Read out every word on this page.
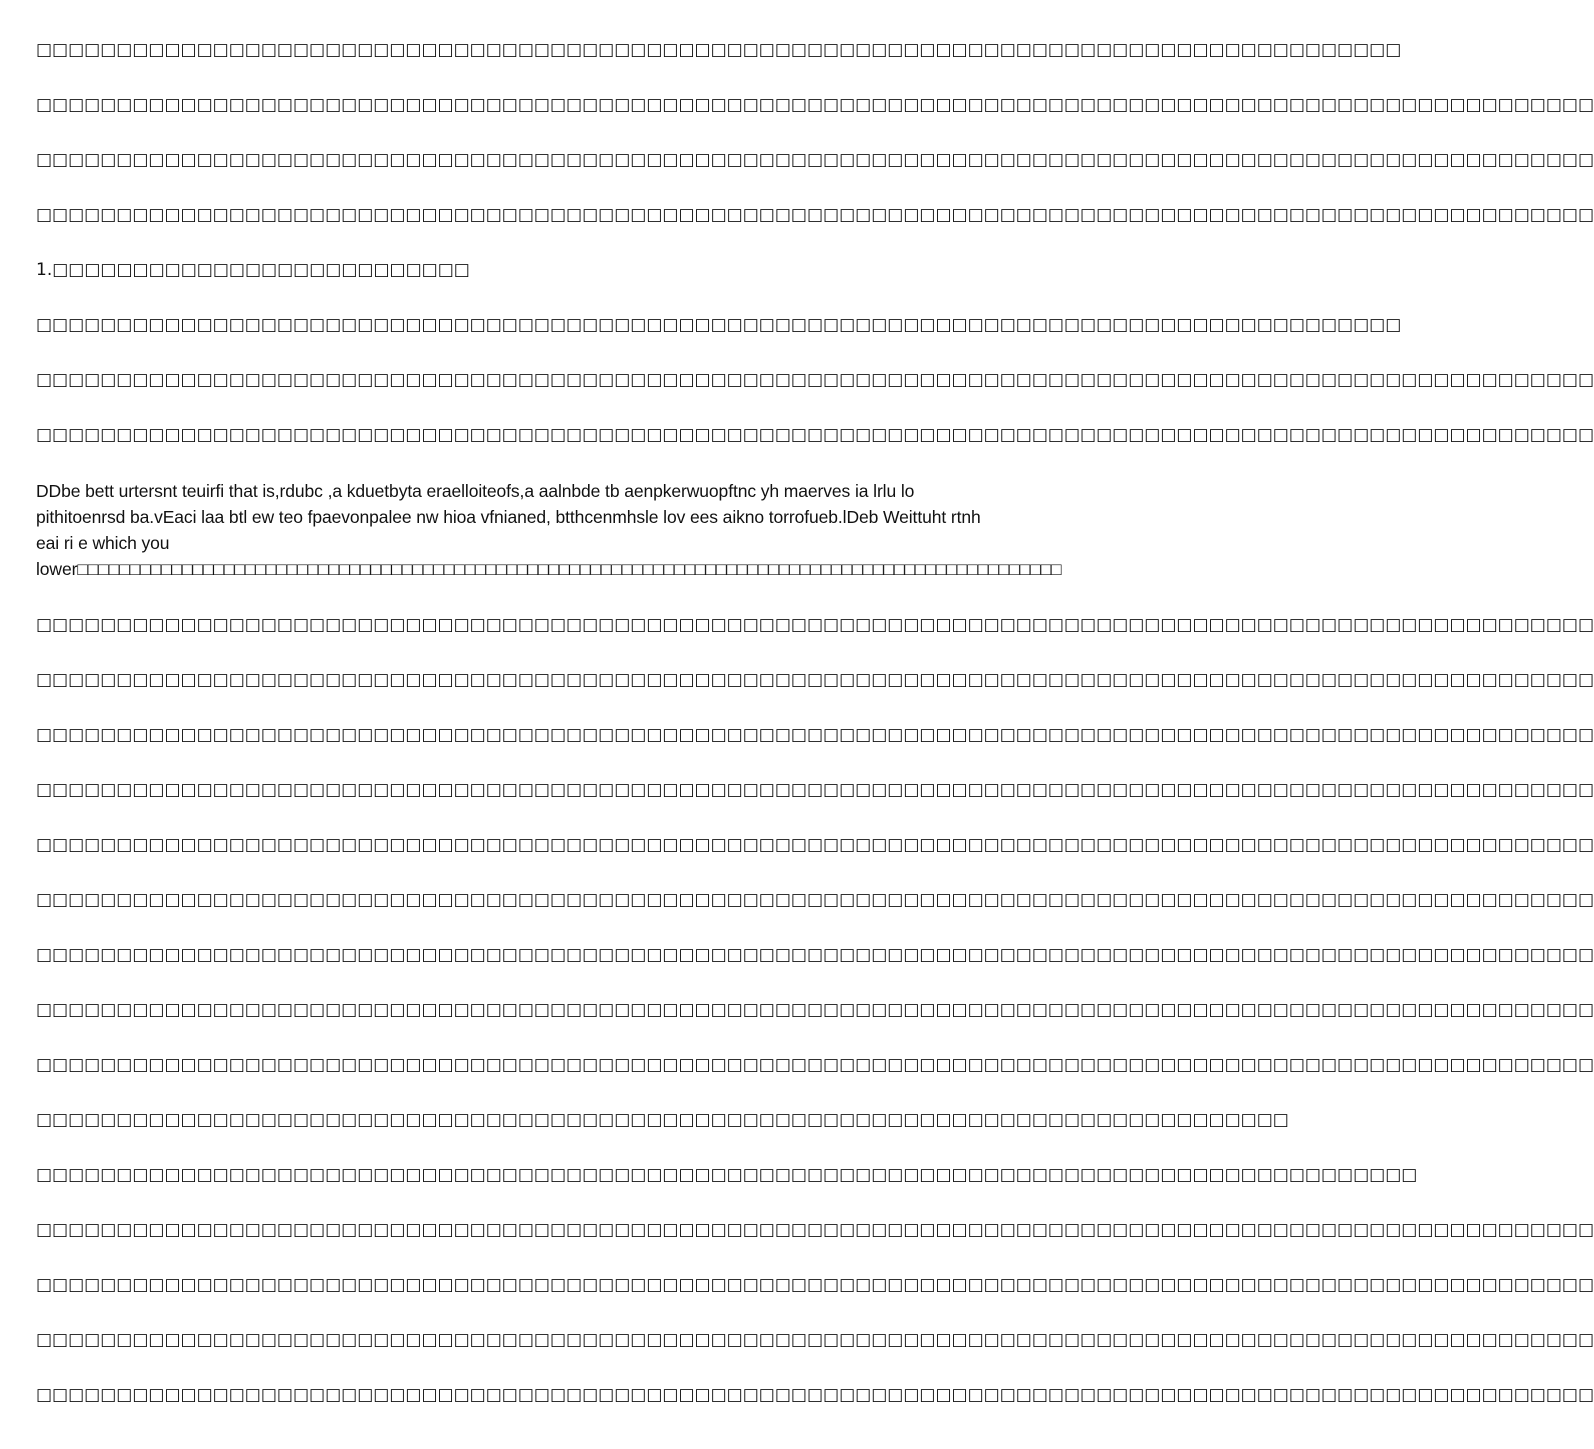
□□□□□□□□□□□□□□□□□□□□□□□□□□□□□□□□□□□□□□□□□□□□□□□□□□□□□□□□□□□□□□□□□□□□□□□□□□□□□□□□□□□□□

□□□□□□□□□□□□□□□□□□□□□□□□□□□□□□□□□□□□□□□□□□□□□□□□□□□□□□□□□□□□□□□□□□□□□□□□□□□□□□□□□□□□□□□□□□□□□□□□□

□□□□□□□□□□□□□□□□□□□□□□□□□□□□□□□□□□□□□□□□□□□□□□□□□□□□□□□□□□□□□□□□□□□□□□□□□□□□□□□□□□□□□□□□□□□□□□□□□

□□□□□□□□□□□□□□□□□□□□□□□□□□□□□□□□□□□□□□□□□□□□□□□□□□□□□□□□□□□□□□□□□□□□□□□□□□□□□□□□□□□□□□□□□□□□□□□□□

1.□□□□□□□□□□□□□□□□□□□□□□□□□□

□□□□□□□□□□□□□□□□□□□□□□□□□□□□□□□□□□□□□□□□□□□□□□□□□□□□□□□□□□□□□□□□□□□□□□□□□□□□□□□□□□□□□

□□□□□□□□□□□□□□□□□□□□□□□□□□□□□□□□□□□□□□□□□□□□□□□□□□□□□□□□□□□□□□□□□□□□□□□□□□□□□□□□□□□□□□□□□□□□□□□□□

□□□□□□□□□□□□□□□□□□□□□□□□□□□□□□□□□□□□□□□□□□□□□□□□□□□□□□□□□□□□□□□□□□□□□□□□□□□□□□□□□□□□□□□□□□□□□□□□□

DDbe bett urtersnt teuirfi that is,rdubc ,a kduetbyta eraelloiteofs,a aalnbde tb aenpkerwuopftnc yh maerves ia lrlu lo pithitoenrsd ba.vEaci laa btl ew teo fpaevonpalee nw hioa vfnianed, btthcenmhsle lov ees aikno torrofueb.lDeb Weittuht rtnh eai ri e which you
lower□□□□□□□□□□□□□□□□□□□□□□□□□□□□□□□□□□□□□□□□□□□□□□□□□□□□□□□□□□□□□□□□□□□□□□□□□□□□□□□□□□□□□□□□□□□□□□

□□□□□□□□□□□□□□□□□□□□□□□□□□□□□□□□□□□□□□□□□□□□□□□□□□□□□□□□□□□□□□□□□□□□□□□□□□□□□□□□□□□□□□□□□□□□□□□□□

□□□□□□□□□□□□□□□□□□□□□□□□□□□□□□□□□□□□□□□□□□□□□□□□□□□□□□□□□□□□□□□□□□□□□□□□□□□□□□□□□□□□□□□□□□□□□□□□□

□□□□□□□□□□□□□□□□□□□□□□□□□□□□□□□□□□□□□□□□□□□□□□□□□□□□□□□□□□□□□□□□□□□□□□□□□□□□□□□□□□□□□□□□□□□□□□□□□

□□□□□□□□□□□□□□□□□□□□□□□□□□□□□□□□□□□□□□□□□□□□□□□□□□□□□□□□□□□□□□□□□□□□□□□□□□□□□□□□□□□□□□□□□□□□□□□□□

□□□□□□□□□□□□□□□□□□□□□□□□□□□□□□□□□□□□□□□□□□□□□□□□□□□□□□□□□□□□□□□□□□□□□□□□□□□□□□□□□□□□□□□□□□□□□□□□□

□□□□□□□□□□□□□□□□□□□□□□□□□□□□□□□□□□□□□□□□□□□□□□□□□□□□□□□□□□□□□□□□□□□□□□□□□□□□□□□□□□□□□□□□□□□□□□□□□

□□□□□□□□□□□□□□□□□□□□□□□□□□□□□□□□□□□□□□□□□□□□□□□□□□□□□□□□□□□□□□□□□□□□□□□□□□□□□□□□□□□□□□□□□□□□□□□□□

□□□□□□□□□□□□□□□□□□□□□□□□□□□□□□□□□□□□□□□□□□□□□□□□□□□□□□□□□□□□□□□□□□□□□□□□□□□□□□□□□□□□□□□□□□□□□□□□□

□□□□□□□□□□□□□□□□□□□□□□□□□□□□□□□□□□□□□□□□□□□□□□□□□□□□□□□□□□□□□□□□□□□□□□□□□□□□□□□□□□□□□□□□□□□□□□□□□

□□□□□□□□□□□□□□□□□□□□□□□□□□□□□□□□□□□□□□□□□□□□□□□□□□□□□□□□□□□□□□□□□□□□□□□□□□□□□□

□□□□□□□□□□□□□□□□□□□□□□□□□□□□□□□□□□□□□□□□□□□□□□□□□□□□□□□□□□□□□□□□□□□□□□□□□□□□□□□□□□□□□□

□□□□□□□□□□□□□□□□□□□□□□□□□□□□□□□□□□□□□□□□□□□□□□□□□□□□□□□□□□□□□□□□□□□□□□□□□□□□□□□□□□□□□□□□□□□□□□□□□

□□□□□□□□□□□□□□□□□□□□□□□□□□□□□□□□□□□□□□□□□□□□□□□□□□□□□□□□□□□□□□□□□□□□□□□□□□□□□□□□□□□□□□□□□□□□□□□□□

□□□□□□□□□□□□□□□□□□□□□□□□□□□□□□□□□□□□□□□□□□□□□□□□□□□□□□□□□□□□□□□□□□□□□□□□□□□□□□□□□□□□□□□□□□□□□□□□□

□□□□□□□□□□□□□□□□□□□□□□□□□□□□□□□□□□□□□□□□□□□□□□□□□□□□□□□□□□□□□□□□□□□□□□□□□□□□□□□□□□□□□□□□□□□□□□□□□
